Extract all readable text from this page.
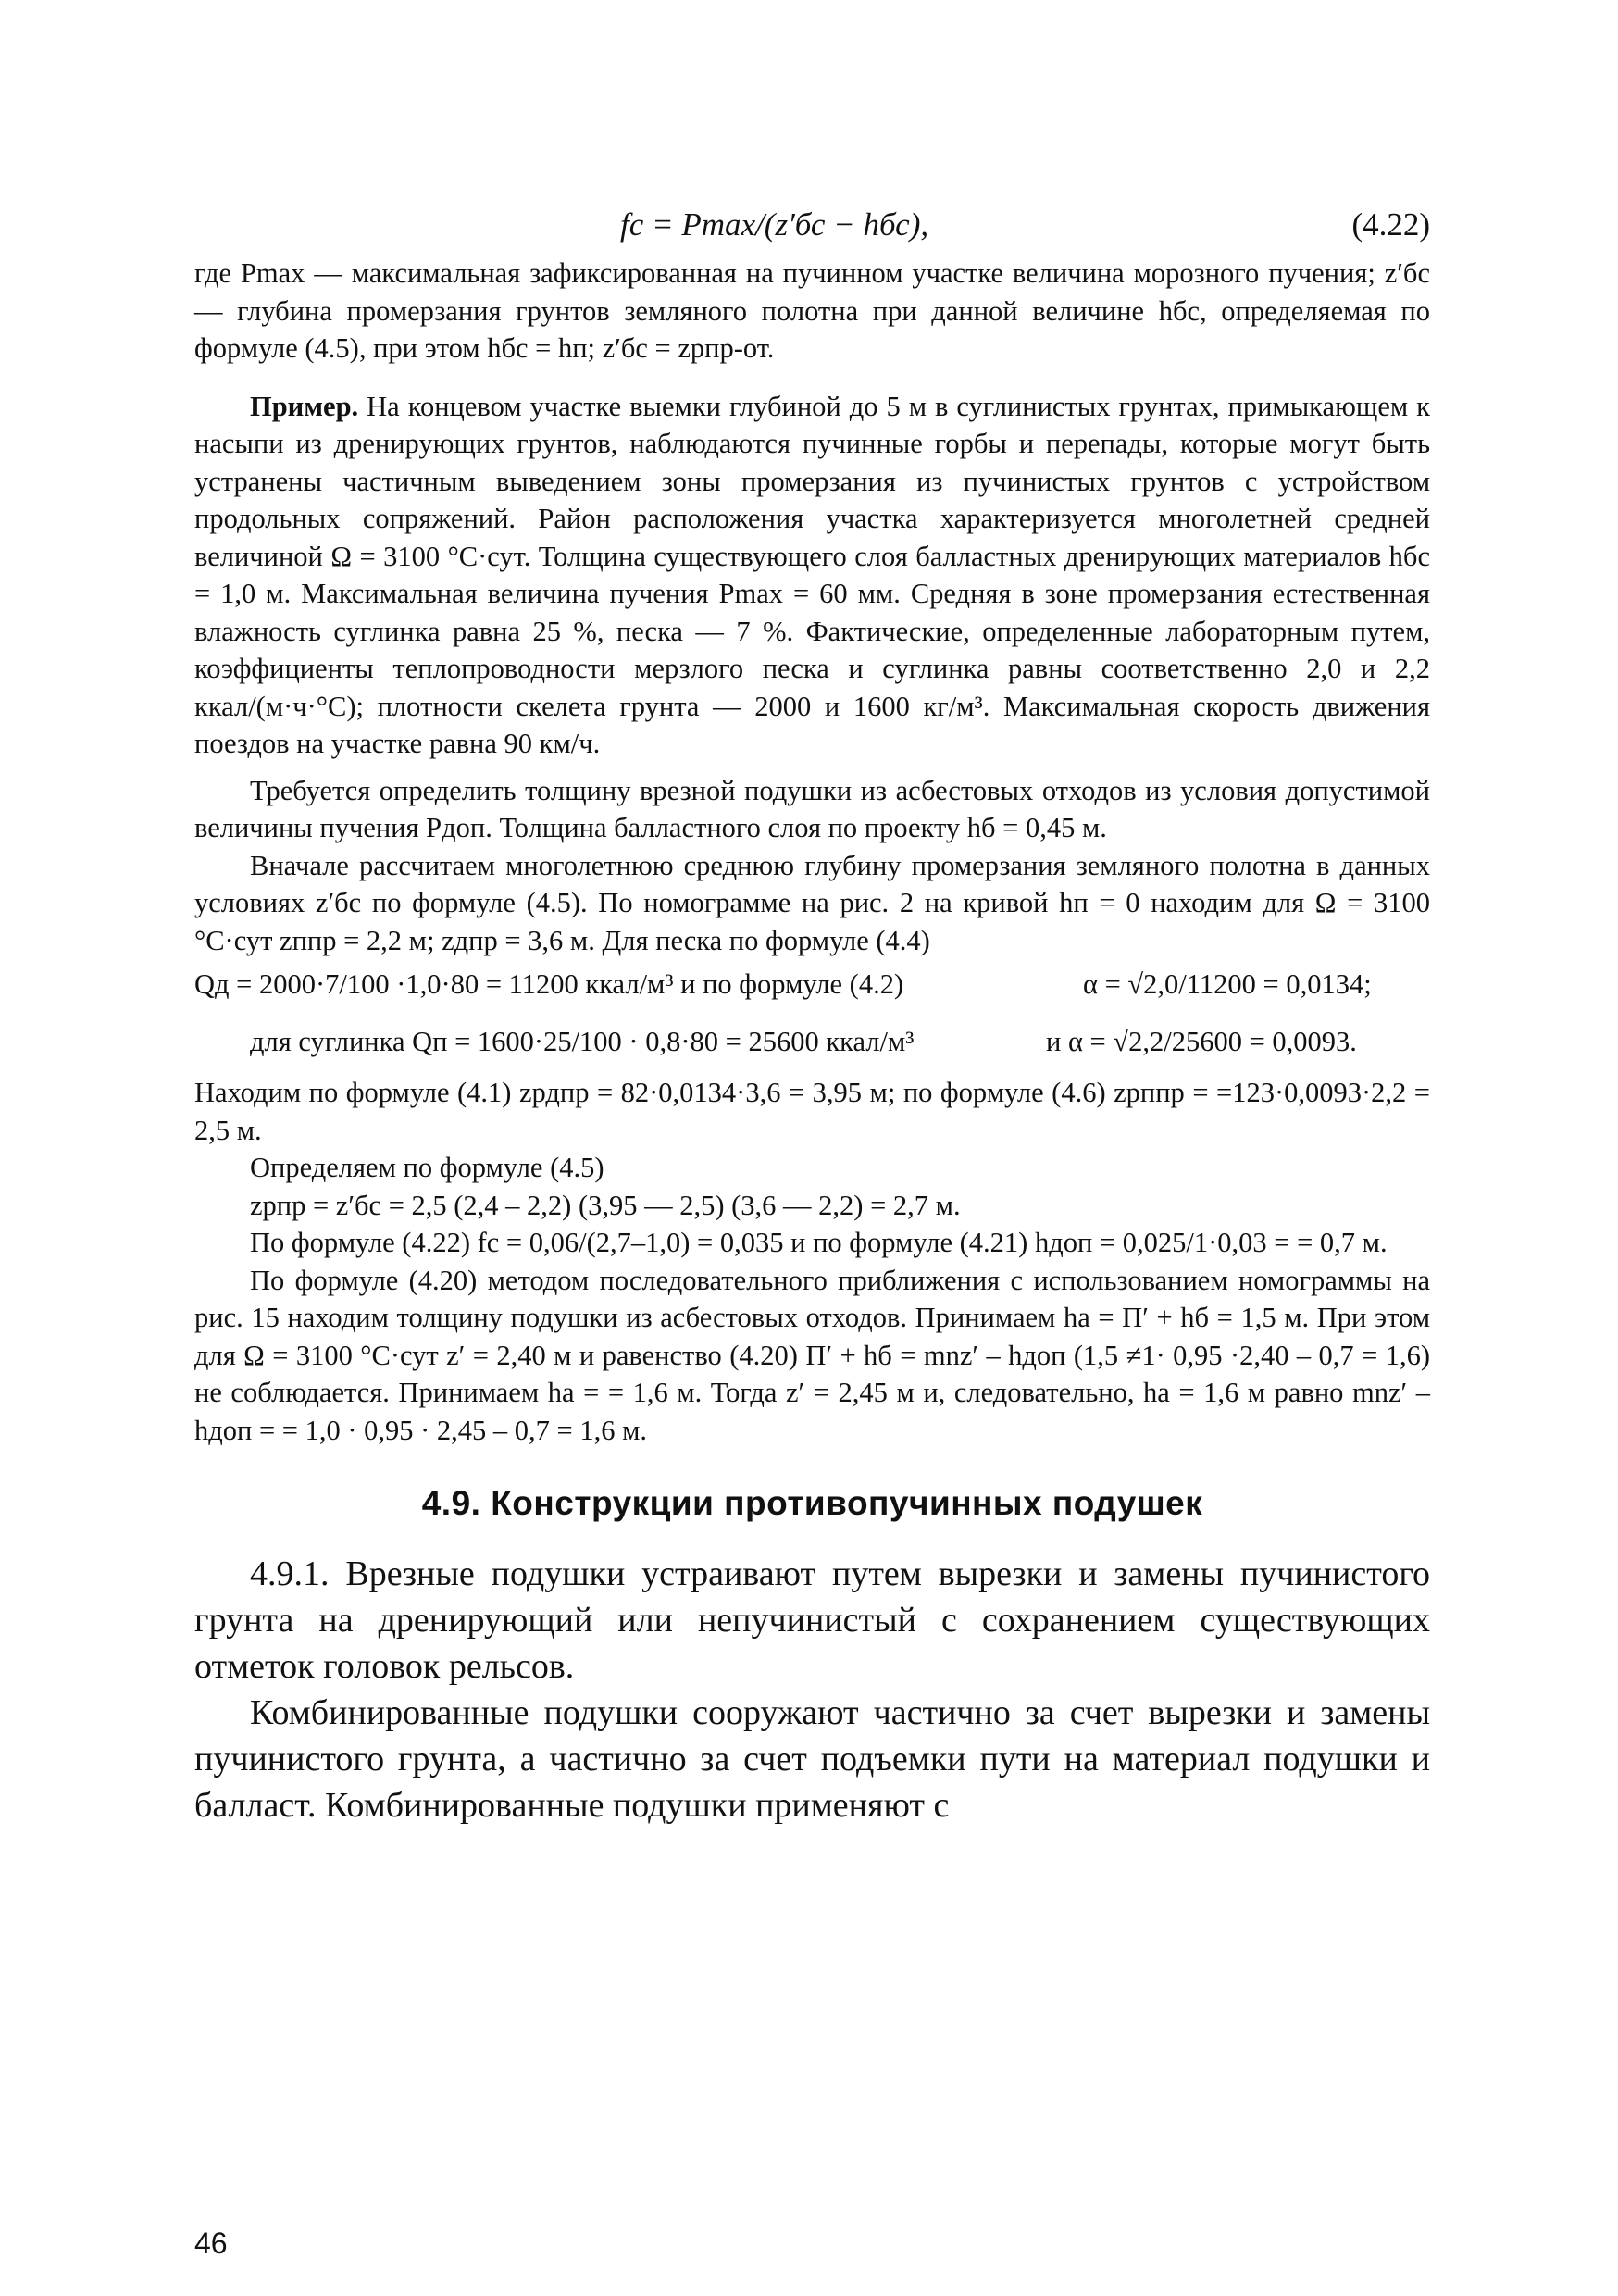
fс = Pmax/(z′бс − hбс),	(4.22)

где Pmax — максимальная зафиксированная на пучинном участке величина морозного пучения; z′бс — глубина промерзания грунтов земляного полотна при данной величине hбс, определяемая по формуле (4.5), при этом hбс = hп; z′бс = zрпр-от.

Пример. На концевом участке выемки глубиной до 5 м в суглинистых грунтах, примыкающем к насыпи из дренирующих грунтов, наблюдаются пучинные горбы и перепады, которые могут быть устранены частичным выведением зоны промерзания из пучинистых грунтов с устройством продольных сопряжений. Район расположения участка характеризуется многолетней средней величиной Ω = 3100 °С·сут. Толщина существующего слоя балластных дренирующих материалов hбс = 1,0 м. Максимальная величина пучения Pmax = 60 мм. Средняя в зоне промерзания естественная влажность суглинка равна 25 %, песка — 7 %. Фактические, определенные лабораторным путем, коэффициенты теплопроводности мерзлого песка и суглинка равны соответственно 2,0 и 2,2 ккал/(м·ч·°С); плотности скелета грунта — 2000 и 1600 кг/м³. Максимальная скорость движения поездов на участке равна 90 км/ч.

Требуется определить толщину врезной подушки из асбестовых отходов из условия допустимой величины пучения Pдоп. Толщина балластного слоя по проекту hб = 0,45 м.

Вначале рассчитаем многолетнюю среднюю глубину промерзания земляного полотна в данных условиях z′бс по формуле (4.5). По номограмме на рис. 2 на кривой hп = 0 находим для Ω = 3100 °С·сут zппр = 2,2 м; zдпр = 3,6 м. Для песка по формуле (4.4)

Qд = 2000·7/100 ·1,0·80 = 11200 ккал/м³ и по формуле (4.2)	α = √2,0/11200 = 0,0134;
для суглинка Qп = 1600·25/100 · 0,8·80 = 25600 ккал/м³	и α = √2,2/25600 = 0,0093.

Находим по формуле (4.1) zрдпр = 82·0,0134·3,6 = 3,95 м; по формуле (4.6) zрппр = =123·0,0093·2,2 = 2,5 м.

Определяем по формуле (4.5)

zрпр = z′бс = 2,5 (2,4 – 2,2) (3,95 — 2,5) (3,6 — 2,2) = 2,7 м.

По формуле (4.22) fс = 0,06/(2,7–1,0) = 0,035 и по формуле (4.21) hдоп = 0,025/1·0,03 = = 0,7 м.

По формуле (4.20) методом последовательного приближения с использованием номограммы на рис. 15 находим толщину подушки из асбестовых отходов. Принимаем hа = П′ + hб = 1,5 м. При этом для Ω = 3100 °С·сут z′ = 2,40 м и равенство (4.20) П′ + hб = mnz′ – hдоп (1,5 ≠1· 0,95 ·2,40 – 0,7 = 1,6) не соблюдается. Принимаем hа = = 1,6 м. Тогда z′ = 2,45 м и, следовательно, hа = 1,6 м равно mnz′ – hдоп = = 1,0 · 0,95 · 2,45 – 0,7 = 1,6 м.

4.9. Конструкции противопучинных подушек

4.9.1. Врезные подушки устраивают путем вырезки и замены пучинистого грунта на дренирующий или непучинистый с сохранением существующих отметок головок рельсов.

Комбинированные подушки сооружают частично за счет вырезки и замены пучинистого грунта, а частично за счет подъемки пути на материал подушки и балласт. Комбинированные подушки применяют с

46
